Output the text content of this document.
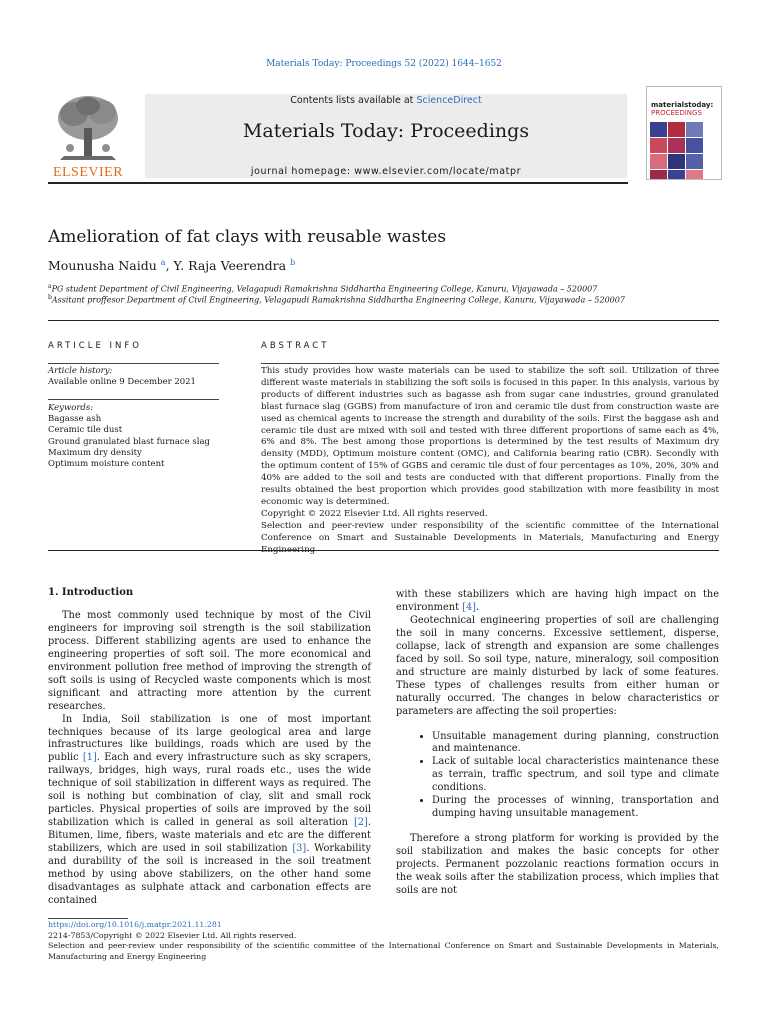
Materials Today: Proceedings 52 (2022) 1644–1652
ELSEVIER
Contents lists available at ScienceDirect
Materials Today: Proceedings
journal homepage: www.elsevier.com/locate/matpr
materialstoday:
PROCEEDINGS
Amelioration of fat clays with reusable wastes
Mounusha Naidu $^a$, Y. Raja Veerendra $^b$
$^a$PG student Department of Civil Engineering, Velagapudi Ramakrishna Siddhartha Engineering College, Kanuru, Vijayawada – 520007
$^b$Assitant proffesor Department of Civil Engineering, Velagapudi Ramakrishna Siddhartha Engineering College, Kanuru, Vijayawada – 520007
ARTICLE INFO	ABSTRACT
Article history:
Available online 9 December 2021
Keywords:
Bagasse ash
Ceramic tile dust
Ground granulated blast furnace slag
Maximum dry density
Optimum moisture content

This study provides how waste materials can be used to stabilize the soft soil. Utilization of three different waste materials in stabilizing the soft soils is focused in this paper. In this analysis, various by products of different industries such as bagasse ash from sugar cane industries, ground granulated blast furnace slag (GGBS) from manufacture of iron and ceramic tile dust from construction waste are used as chemical agents to increase the strength and durability of the soils. First the baggase ash and ceramic tile dust are mixed with soil and tested with three different proportions of same each as 4%, 6% and 8%. The best among those proportions is determined by the test results of Maximum dry density (MDD), Optimum moisture content (OMC), and California bearing ratio (CBR). Secondly with the optimum content of 15% of GGBS and ceramic tile dust of four percentages as 10%, 20%, 30% and 40% are added to the soil and tests are conducted with that different proportions. Finally from the results obtained the best proportion which provides good stabilization with more feasibility in most economic way is determined.

Copyright © 2022 Elsevier Ltd. All rights reserved.

Selection and peer-review under responsibility of the scientific committee of the International Conference on Smart and Sustainable Developments in Materials, Manufacturing and Energy Engineering

1. Introduction

The most commonly used technique by most of the Civil engineers for improving soil strength is the soil stabilization process. Different stabilizing agents are used to enhance the engineering properties of soft soil. The more economical and environment pollution free method of improving the strength of soft soils is using of Recycled waste components which is most significant and attracting more attention by the current researches.

In India, Soil stabilization is one of most important techniques because of its large geological area and large infrastructures like buildings, roads which are used by the public [1]. Each and every infrastructure such as sky scrapers, railways, bridges, high ways, rural roads etc., uses the wide technique of soil stabilization in different ways as required. The soil is nothing but combination of clay, slit and small rock particles. Physical properties of soils are improved by the soil stabilization which is called in general as soil alteration [2]. Bitumen, lime, fibers, waste materials and etc are the different stabilizers, which are used in soil stabilization [3]. Workability and durability of the soil is increased in the soil treatment method by using above stabilizers, on the other hand some disadvantages as sulphate attack and carbonation effects are contained

with these stabilizers which are having high impact on the environment [4].

Geotechnical engineering properties of soil are challenging the soil in many concerns. Excessive settlement, disperse, collapse, lack of strength and expansion are some challenges faced by soil. So soil type, nature, mineralogy, soil composition and structure are mainly disturbed by lack of some features. These types of challenges results from either human or naturally occurred. The changes in below characteristics or parameters are affecting the soil properties:

• Unsuitable management during planning, construction and maintenance.
• Lack of suitable local characteristics maintenance these as terrain, traffic spectrum, and soil type and climate conditions.
• During the processes of winning, transportation and dumping having unsuitable management.

Therefore a strong platform for working is provided by the soil stabilization and makes the basic concepts for other projects. Permanent pozzolanic reactions formation occurs in the weak soils after the stabilization process, which implies that soils are not

https://doi.org/10.1016/j.matpr.2021.11.281
2214-7853/Copyright © 2022 Elsevier Ltd. All rights reserved.
Selection and peer-review under responsibility of the scientific committee of the International Conference on Smart and Sustainable Developments in Materials, Manufacturing and Energy Engineering
